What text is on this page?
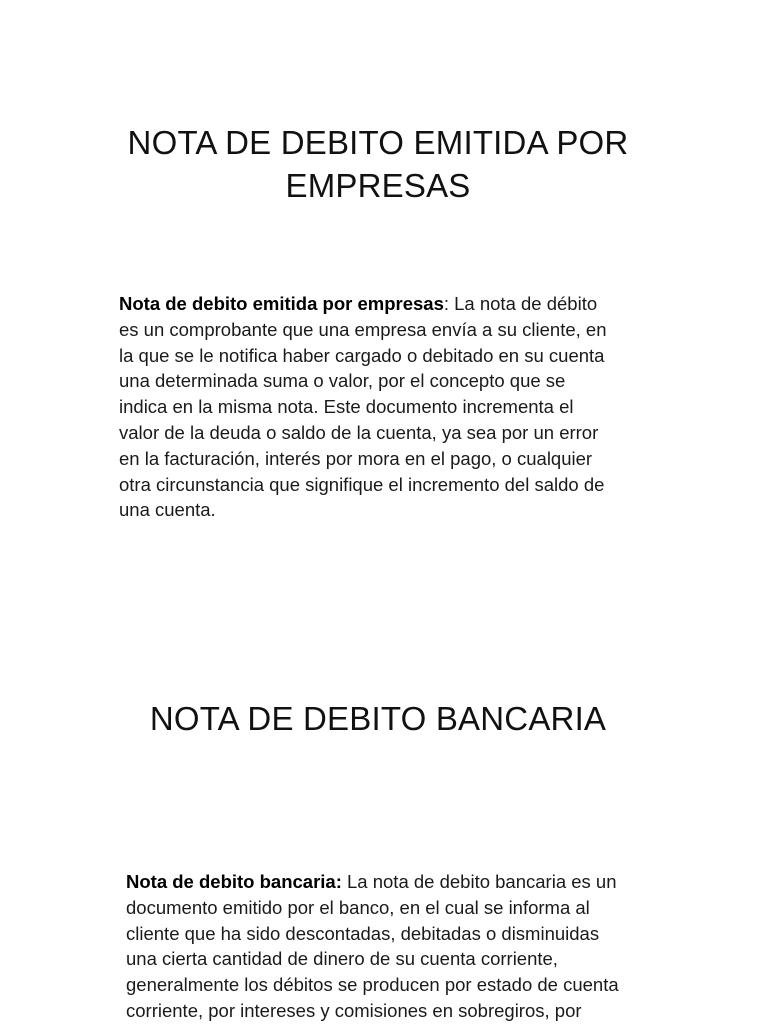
NOTA DE DEBITO EMITIDA POR
EMPRESAS

Nota de debito emitida por empresas: La nota de débito
es un comprobante que una empresa envía a su cliente, en
la que se le notifica haber cargado o debitado en su cuenta
una determinada suma o valor, por el concepto que se
indica en la misma nota. Este documento incrementa el
valor de la deuda o saldo de la cuenta, ya sea por un error
en la facturación, interés por mora en el pago, o cualquier
otra circunstancia que signifique el incremento del saldo de
una cuenta.

NOTA DE DEBITO BANCARIA

Nota de debito bancaria: La nota de debito bancaria es un
documento emitido por el banco, en el cual se informa al
cliente que ha sido descontadas, debitadas o disminuidas
una cierta cantidad de dinero de su cuenta corriente,
generalmente los débitos se producen por estado de cuenta
corriente, por intereses y comisiones en sobregiros, por
